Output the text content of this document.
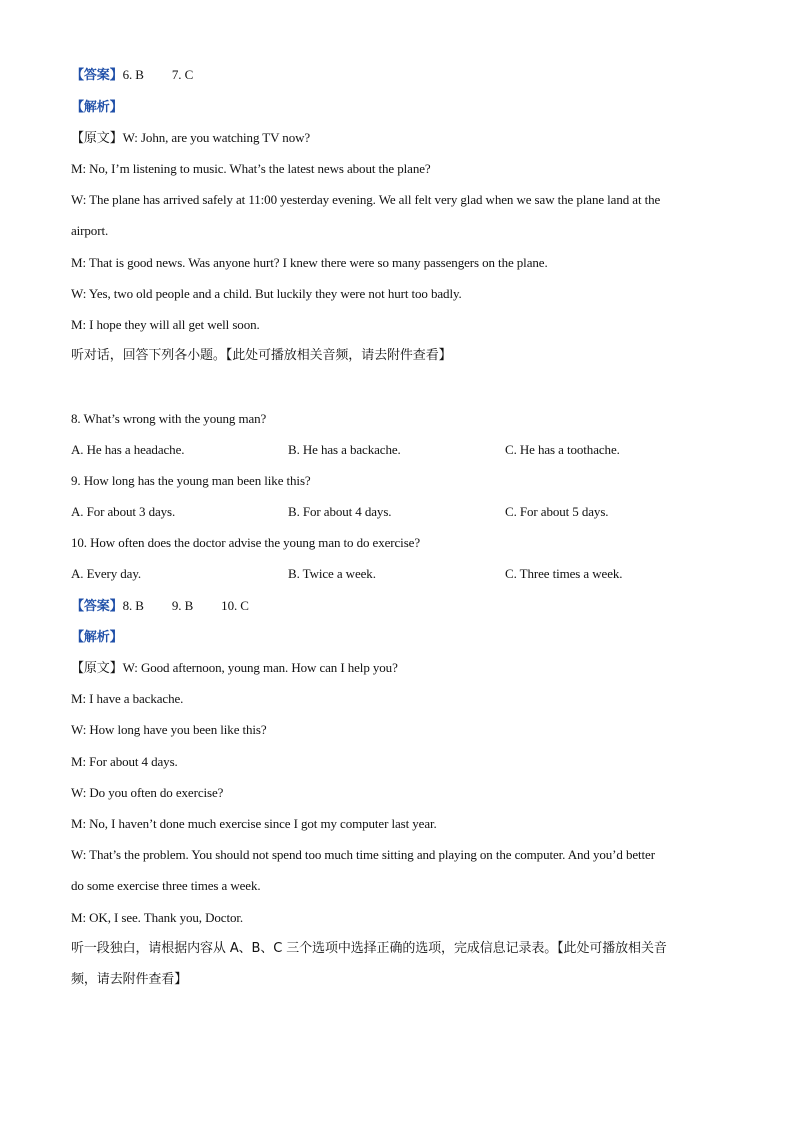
【答案】6. B 7. C
【解析】
【原文】W: John, are you watching TV now?
M: No, I’m listening to music. What’s the latest news about the plane?
W: The plane has arrived safely at 11:00 yesterday evening. We all felt very glad when we saw the plane land at the
airport.
M: That is good news. Was anyone hurt? I knew there were so many passengers on the plane.
W: Yes, two old people and a child. But luckily they were not hurt too badly.
M: I hope they will all get well soon.
听对话，回答下列各小题。【此处可播放相关音频，请去附件查看】
8. What’s wrong with the young man?
A. He has a headache.	B. He has a backache.	C. He has a toothache.
9. How long has the young man been like this?
A. For about 3 days.	B. For about 4 days.	C. For about 5 days.
10. How often does the doctor advise the young man to do exercise?
A. Every day.	B. Twice a week.	C. Three times a week.
【答案】8. B 9. B 10. C
【解析】
【原文】W: Good afternoon, young man. How can I help you?
M: I have a backache.
W: How long have you been like this?
M: For about 4 days.
W: Do you often do exercise?
M: No, I haven’t done much exercise since I got my computer last year.
W: That’s the problem. You should not spend too much time sitting and playing on the computer. And you’d better
do some exercise three times a week.
M: OK, I see. Thank you, Doctor.
听一段独白，请根据内容从 A、B、C 三个选项中选择正确的选项，完成信息记录表。【此处可播放相关音
频，请去附件查看】
